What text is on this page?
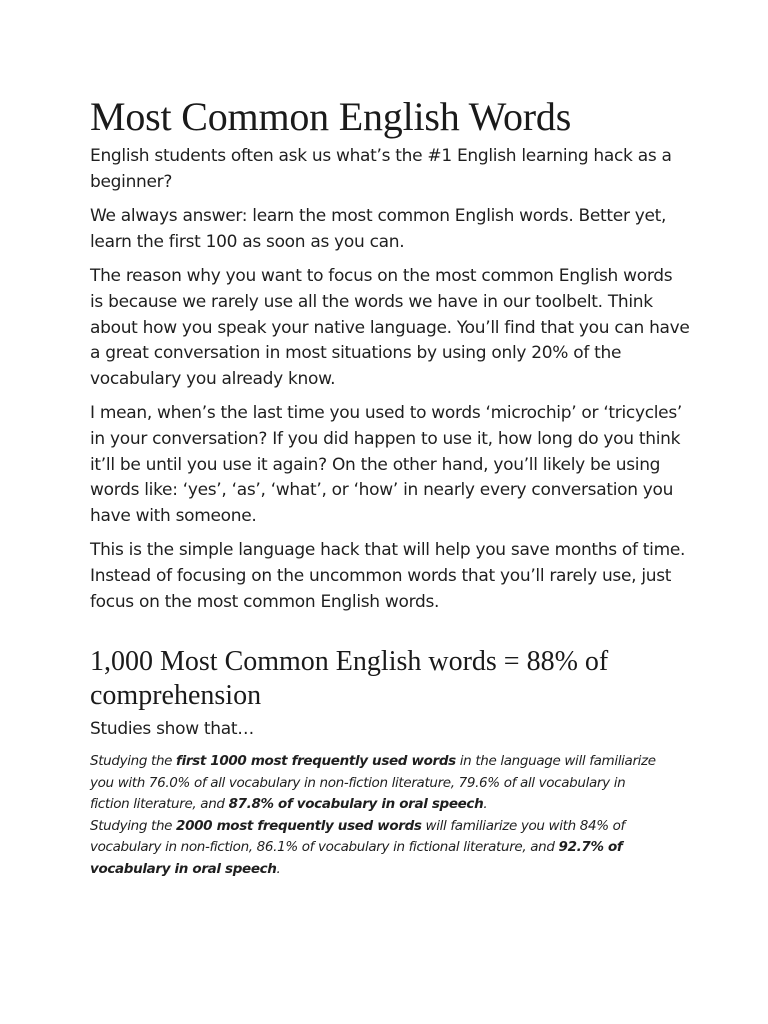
Most Common English Words

English students often ask us what’s the #1 English learning hack as a beginner?

We always answer: learn the most common English words. Better yet, learn the first 100 as soon as you can.

The reason why you want to focus on the most common English words is because we rarely use all the words we have in our toolbelt. Think about how you speak your native language. You’ll find that you can have a great conversation in most situations by using only 20% of the vocabulary you already know.

I mean, when’s the last time you used to words ‘microchip’ or ‘tricycles’ in your conversation? If you did happen to use it, how long do you think it’ll be until you use it again? On the other hand, you’ll likely be using words like: ‘yes’, ‘as’, ‘what’, or ‘how’ in nearly every conversation you have with someone.

This is the simple language hack that will help you save months of time. Instead of focusing on the uncommon words that you’ll rarely use, just focus on the most common English words.

1,000 Most Common English words = 88% of comprehension

Studies show that…

Studying the first 1000 most frequently used words in the language will familiarize you with 76.0% of all vocabulary in non-fiction literature, 79.6% of all vocabulary in fiction literature, and 87.8% of vocabulary in oral speech.

Studying the 2000 most frequently used words will familiarize you with 84% of vocabulary in non-fiction, 86.1% of vocabulary in fictional literature, and 92.7% of vocabulary in oral speech.
